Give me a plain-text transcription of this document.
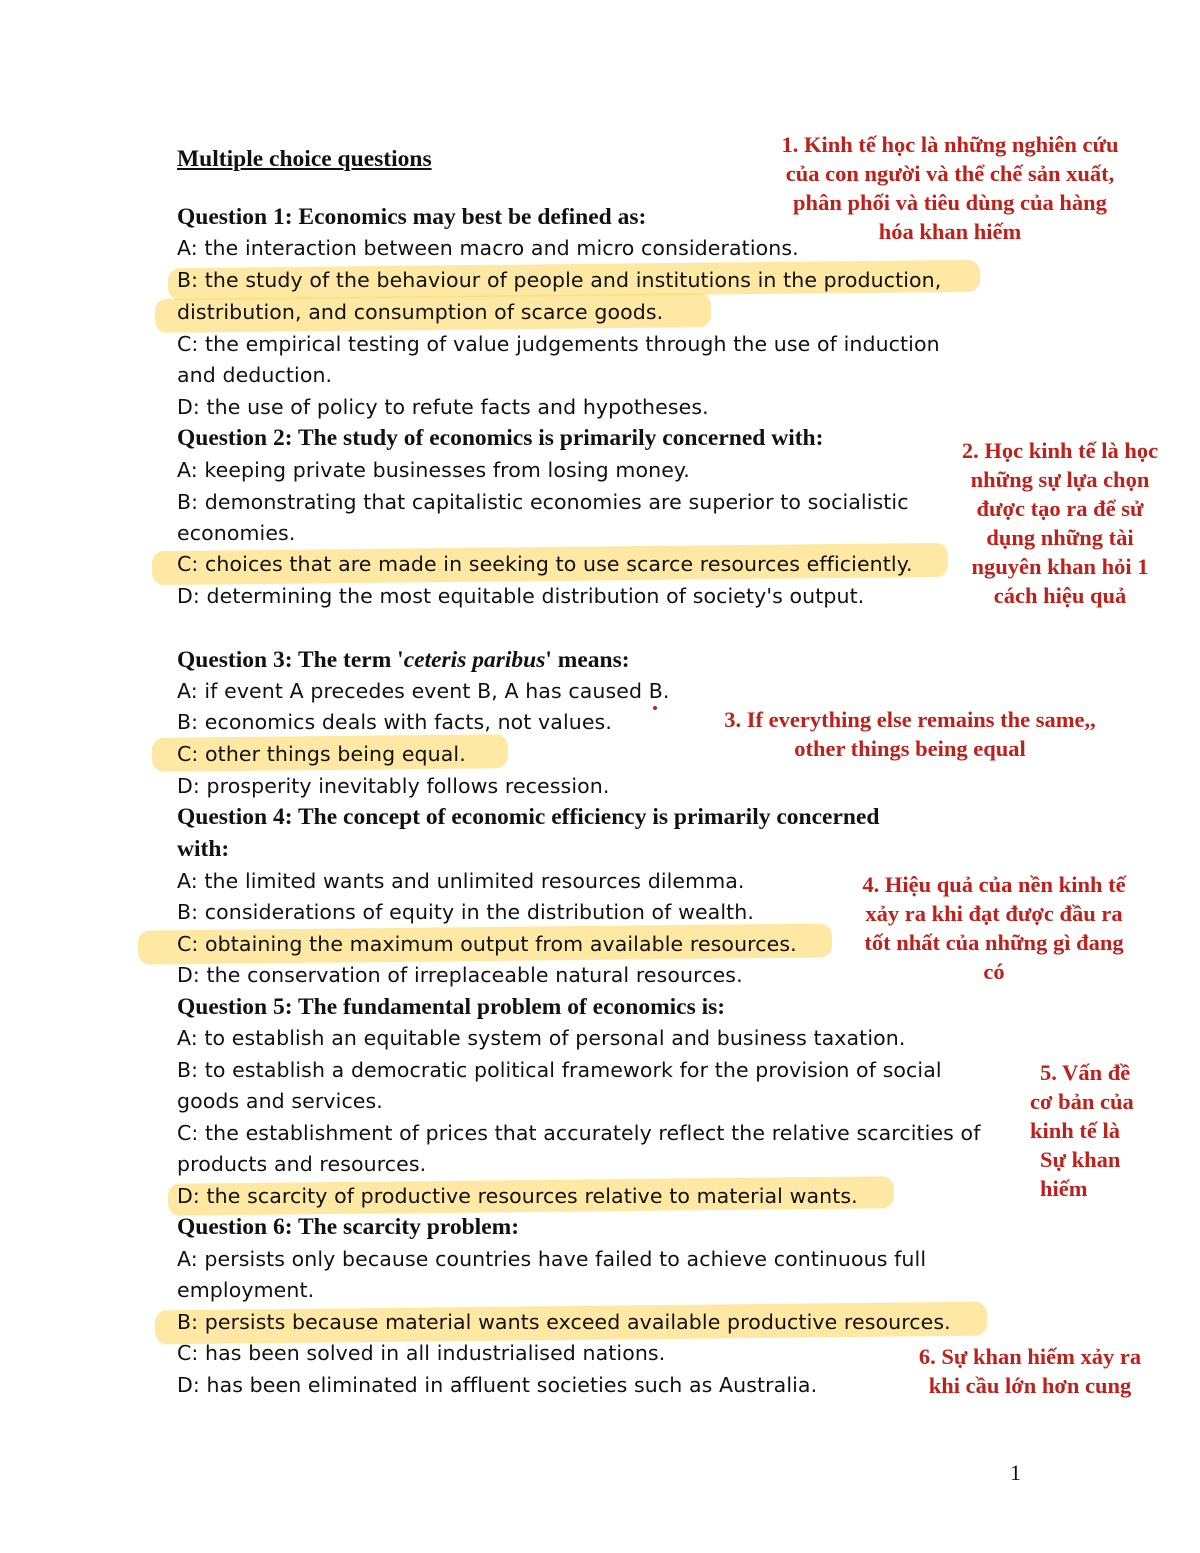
Multiple choice questions
Question 1: Economics may best be defined as:
A: the interaction between macro and micro considerations.
B: the study of the behaviour of people and institutions in the production,
distribution, and consumption of scarce goods.
C: the empirical testing of value judgements through the use of induction
and deduction.
D: the use of policy to refute facts and hypotheses.
Question 2: The study of economics is primarily concerned with:
A: keeping private businesses from losing money.
B: demonstrating that capitalistic economies are superior to socialistic
economies.
C: choices that are made in seeking to use scarce resources efficiently.
D: determining the most equitable distribution of society's output.
Question 3: The term 'ceteris paribus' means:
A: if event A precedes event B, A has caused B.
B: economics deals with facts, not values.
C: other things being equal.
D: prosperity inevitably follows recession.
Question 4: The concept of economic efficiency is primarily concerned
with:
A: the limited wants and unlimited resources dilemma.
B: considerations of equity in the distribution of wealth.
C: obtaining the maximum output from available resources.
D: the conservation of irreplaceable natural resources.
Question 5: The fundamental problem of economics is:
A: to establish an equitable system of personal and business taxation.
B: to establish a democratic political framework for the provision of social
goods and services.
C: the establishment of prices that accurately reflect the relative scarcities of
products and resources.
D: the scarcity of productive resources relative to material wants.
Question 6: The scarcity problem:
A: persists only because countries have failed to achieve continuous full
employment.
B: persists because material wants exceed available productive resources.
C: has been solved in all industrialised nations.
D: has been eliminated in affluent societies such as Australia.
1. Kinh tế học là những nghiên cứu
của con người và thể chế sản xuất,
phân phối và tiêu dùng của hàng
hóa khan hiếm
2. Học kinh tế là học
những sự lựa chọn
được tạo ra để sử
dụng những tài
nguyên khan hỏi 1
cách hiệu quả
3. If everything else remains the same,,
other things being equal
4. Hiệu quả của nền kinh tế
xảy ra khi đạt được đầu ra
tốt nhất của những gì đang
có
5. Vấn đề
cơ bản của
kinh tế là
Sự khan
hiếm
6. Sự khan hiếm xảy ra
khi cầu lớn hơn cung
1
